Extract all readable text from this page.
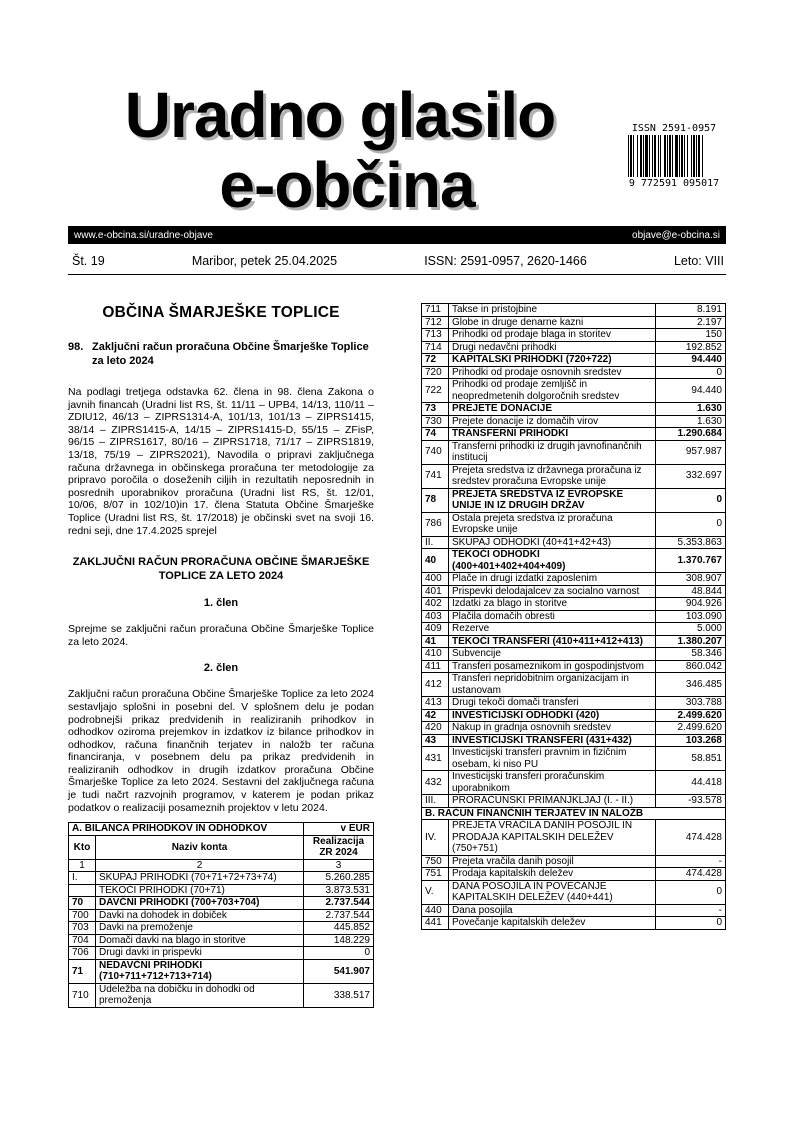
Uradno glasilo
e-občina
ISSN 2591-0957
9 772591 095017
www.e-obcina.si/uradne-objave	objave@e-obcina.si
Št. 19	Maribor, petek 25.04.2025	ISSN: 2591-0957, 2620-1466	Leto: VIII
OBČINA ŠMARJEŠKE TOPLICE
98. Zaključni račun proračuna Občine Šmarješke Toplice za leto 2024

Na podlagi tretjega odstavka 62. člena in 98. člena Zakona o javnih financah (Uradni list RS, št. 11/11 – UPB4, 14/13, 110/11 – ZDIU12, 46/13 – ZIPRS1314-A, 101/13, 101/13 – ZIPRS1415, 38/14 – ZIPRS1415-A, 14/15 – ZIPRS1415-D, 55/15 – ZFisP, 96/15 – ZIPRS1617, 80/16 – ZIPRS1718, 71/17 – ZIPRS1819, 13/18, 75/19 – ZIPRS2021), Navodila o pripravi zaključnega računa državnega in občinskega proračuna ter metodologije za pripravo poročila o doseženih ciljih in rezultatih neposrednih in posrednih uporabnikov proračuna (Uradni list RS, št. 12/01, 10/06, 8/07 in 102/10)in 17. člena Statuta Občine Šmarješke Toplice (Uradni list RS, št. 17/2018) je občinski svet na svoji 16. redni seji, dne 17.4.2025 sprejel

ZAKLJUČNI RAČUN PRORAČUNA OBČINE ŠMARJEŠKE TOPLICE ZA LETO 2024
1. člen

Sprejme se zaključni račun proračuna Občine Šmarješke Toplice za leto 2024.

2. člen

Zaključni račun proračuna Občine Šmarješke Toplice za leto 2024 sestavljajo splošni in posebni del. V splošnem delu je podan podrobnejši prikaz predvidenih in realiziranih prihodkov in odhodkov oziroma prejemkov in izdatkov iz bilance prihodkov in odhodkov, računa finančnih terjatev in naložb ter računa financiranja, v posebnem delu pa prikaz predvidenih in realiziranih odhodkov in drugih izdatkov proračuna Občine Šmarješke Toplice za leto 2024. Sestavni del zaključnega računa je tudi načrt razvojnih programov, v katerem je podan prikaz podatkov o realizaciji posameznih projektov v letu 2024.

A. BILANCA PRIHODKOV IN ODHODKOV		v EUR
Kto	Naziv konta	Realizacija ZR 2024
1	2	3
I.	SKUPAJ PRIHODKI (70+71+72+73+74)	5.260.285
	TEKOČI PRIHODKI (70+71)	3.873.531
70	DAVČNI PRIHODKI (700+703+704)	2.737.544
700	Davki na dohodek in dobiček	2.737.544
703	Davki na premoženje	445.852
704	Domači davki na blago in storitve	148.229
706	Drugi davki in prispevki	0
71	NEDAVČNI PRIHODKI (710+711+712+713+714)	541.907
710	Udeležba na dobičku in dohodki od premoženja	338.517
711	Takse in pristojbine	8.191
712	Globe in druge denarne kazni	2.197
713	Prihodki od prodaje blaga in storitev	150
714	Drugi nedavčni prihodki	192.852
72	KAPITALSKI PRIHODKI (720+722)	94.440
720	Prihodki od prodaje osnovnih sredstev	0
722	Prihodki od prodaje zemljišč in neopredmetenih dolgoročnih sredstev	94.440
73	PREJETE DONACIJE	1.630
730	Prejete donacije iz domačih virov	1.630
74	TRANSFERNI PRIHODKI	1.290.684
740	Transferni prihodki iz drugih javnofinančnih institucij	957.987
741	Prejeta sredstva iz državnega proračuna iz sredstev proračuna Evropske unije	332.697
78	PREJETA SREDSTVA IZ EVROPSKE UNIJE IN IZ DRUGIH DRŽAV	0
786	Ostala prejeta sredstva iz proračuna Evropske unije	0
II.	SKUPAJ ODHODKI (40+41+42+43)	5.353.863
40	TEKOČI ODHODKI (400+401+402+404+409)	1.370.767
400	Plače in drugi izdatki zaposlenim	308.907
401	Prispevki delodajalcev za socialno varnost	48.844
402	Izdatki za blago in storitve	904.926
403	Plačila domačih obresti	103.090
409	Rezerve	5.000
41	TEKOČI TRANSFERI (410+411+412+413)	1.380.207
410	Subvencije	58.346
411	Transferi posameznikom in gospodinjstvom	860.042
412	Transferi nepridobitnim organizacijam in ustanovam	346.485
413	Drugi tekoči domači transferi	303.788
42	INVESTICIJSKI ODHODKI (420)	2.499.620
420	Nakup in gradnja osnovnih sredstev	2.499.620
43	INVESTICIJSKI TRANSFERI (431+432)	103.268
431	Investicijski transferi pravnim in fizičnim osebam, ki niso PU	58.851
432	Investicijski transferi proračunskim uporabnikom	44.418
III.	PRORAČUNSKI PRIMANJKLJAJ (I. - II.)	-93.578
B. RAČUN FINANČNIH TERJATEV IN NALOŽB		
IV.	PREJETA VRAČILA DANIH POSOJIL IN PRODAJA KAPITALSKIH DELEŽEV (750+751)	474.428
750	Prejeta vračila danih posojil	-
751	Prodaja kapitalskih deležev	474.428
V.	DANA POSOJILA IN POVEČANJE KAPITALSKIH DELEŽEV (440+441)	0
440	Dana posojila	-
441	Povečanje kapitalskih deležev	0
